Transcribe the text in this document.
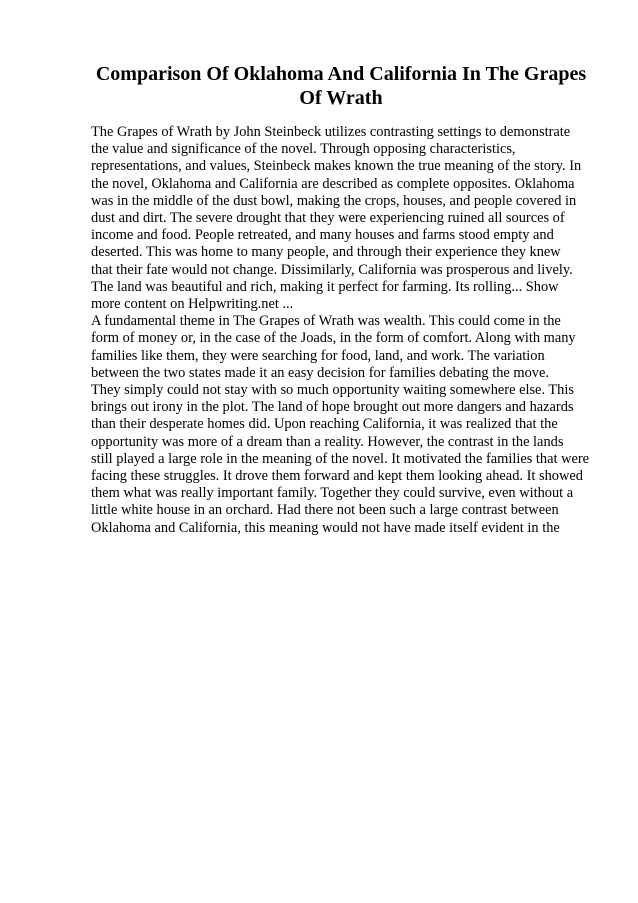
Comparison Of Oklahoma And California In The Grapes Of Wrath
The Grapes of Wrath by John Steinbeck utilizes contrasting settings to demonstrate
the value and significance of the novel. Through opposing characteristics,
representations, and values, Steinbeck makes known the true meaning of the story. In
the novel, Oklahoma and California are described as complete opposites. Oklahoma
was in the middle of the dust bowl, making the crops, houses, and people covered in
dust and dirt. The severe drought that they were experiencing ruined all sources of
income and food. People retreated, and many houses and farms stood empty and
deserted. This was home to many people, and through their experience they knew
that their fate would not change. Dissimilarly, California was prosperous and lively.
The land was beautiful and rich, making it perfect for farming. Its rolling... Show
more content on Helpwriting.net ...
A fundamental theme in The Grapes of Wrath was wealth. This could come in the
form of money or, in the case of the Joads, in the form of comfort. Along with many
families like them, they were searching for food, land, and work. The variation
between the two states made it an easy decision for families debating the move.
They simply could not stay with so much opportunity waiting somewhere else. This
brings out irony in the plot. The land of hope brought out more dangers and hazards
than their desperate homes did. Upon reaching California, it was realized that the
opportunity was more of a dream than a reality. However, the contrast in the lands
still played a large role in the meaning of the novel. It motivated the families that were
facing these struggles. It drove them forward and kept them looking ahead. It showed
them what was really important family. Together they could survive, even without a
little white house in an orchard. Had there not been such a large contrast between
Oklahoma and California, this meaning would not have made itself evident in the
